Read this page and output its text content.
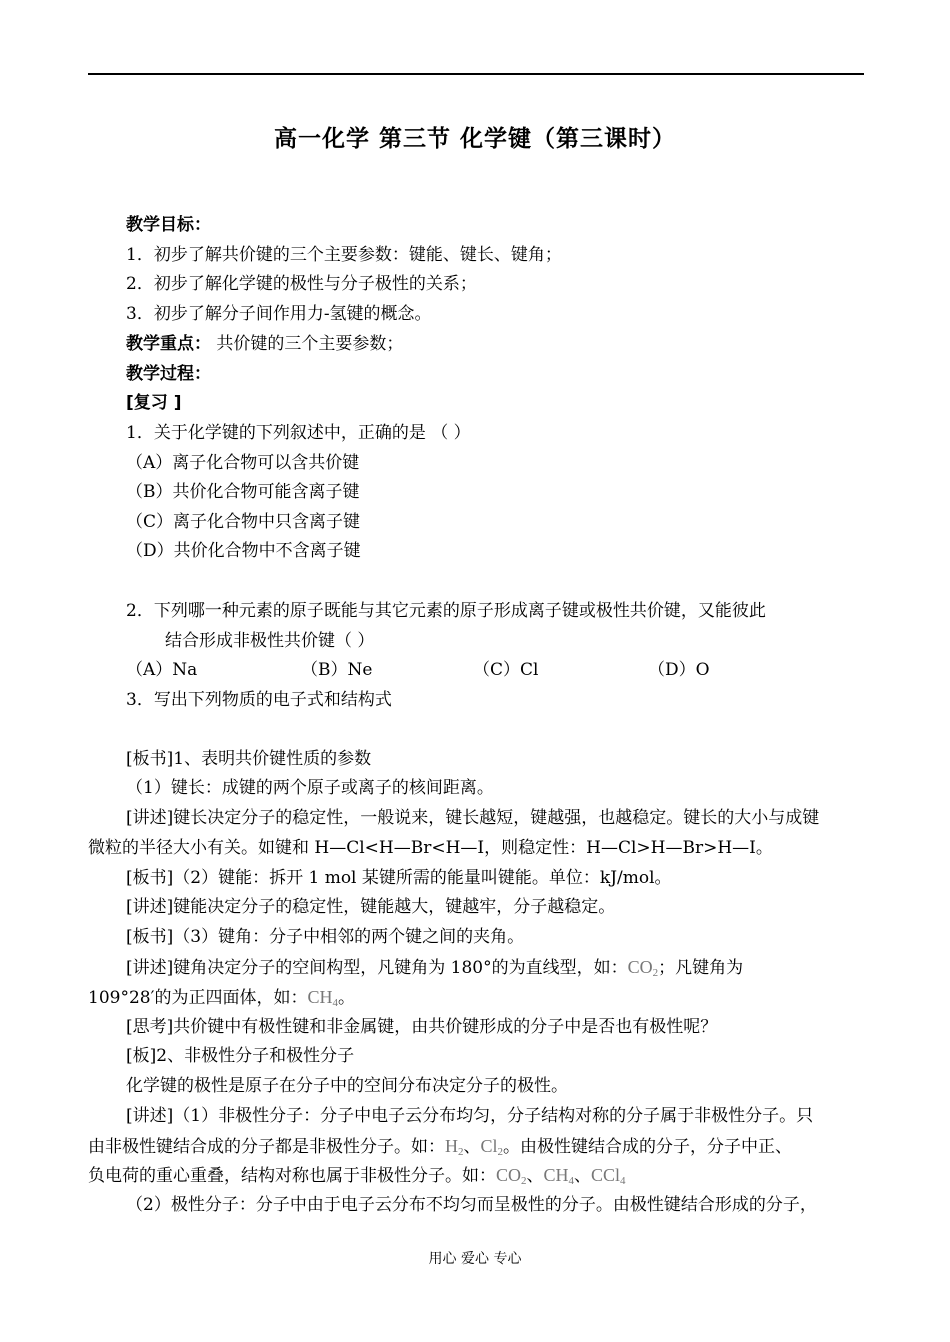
高一化学 第三节 化学键（第三课时）
教学目标：
1．初步了解共价键的三个主要参数：键能、键长、键角；
2．初步了解化学键的极性与分子极性的关系；
3．初步了解分子间作用力-氢键的概念。
教学重点： 共价键的三个主要参数；
教学过程：
[复习 ]
1．关于化学键的下列叙述中，正确的是 （ ）
（A）离子化合物可以含共价键
（B）共价化合物可能含离子键
（C）离子化合物中只含离子键
（D）共价化合物中不含离子键
2．下列哪一种元素的原子既能与其它元素的原子形成离子键或极性共价键，又能彼此
结合形成非极性共价键（ ）
（A）Na	（B）Ne	（C）Cl	（D）O
3．写出下列物质的电子式和结构式
[板书]1、表明共价键性质的参数
（1）键长：成键的两个原子或离子的核间距离。
[讲述]键长决定分子的稳定性，一般说来，键长越短，键越强，也越稳定。键长的大小与成键
微粒的半径大小有关。如键和 H—Cl<H—Br<H—I，则稳定性：H—Cl>H—Br>H—I。
[板书]（2）键能：拆开 1 mol 某键所需的能量叫键能。单位：kJ/mol。
[讲述]键能决定分子的稳定性，键能越大，键越牢，分子越稳定。
[板书]（3）键角：分子中相邻的两个键之间的夹角。
[讲述]键角决定分子的空间构型，凡键角为 180°的为直线型，如：$CO_2$；凡键角为
109°28′的为正四面体，如：$CH_4$。
[思考]共价键中有极性键和非金属键，由共价键形成的分子中是否也有极性呢？
[板]2、非极性分子和极性分子
化学键的极性是原子在分子中的空间分布决定分子的极性。
[讲述]（1）非极性分子：分子中电子云分布均匀，分子结构对称的分子属于非极性分子。只
由非极性键结合成的分子都是非极性分子。如：$H_2$、$Cl_2$。由极性键结合成的分子，分子中正、
负电荷的重心重叠，结构对称也属于非极性分子。如：$CO_2$、$CH_4$、CCl$_4$
（2）极性分子：分子中由于电子云分布不均匀而呈极性的分子。由极性键结合形成的分子，
用心 爱心 专心
